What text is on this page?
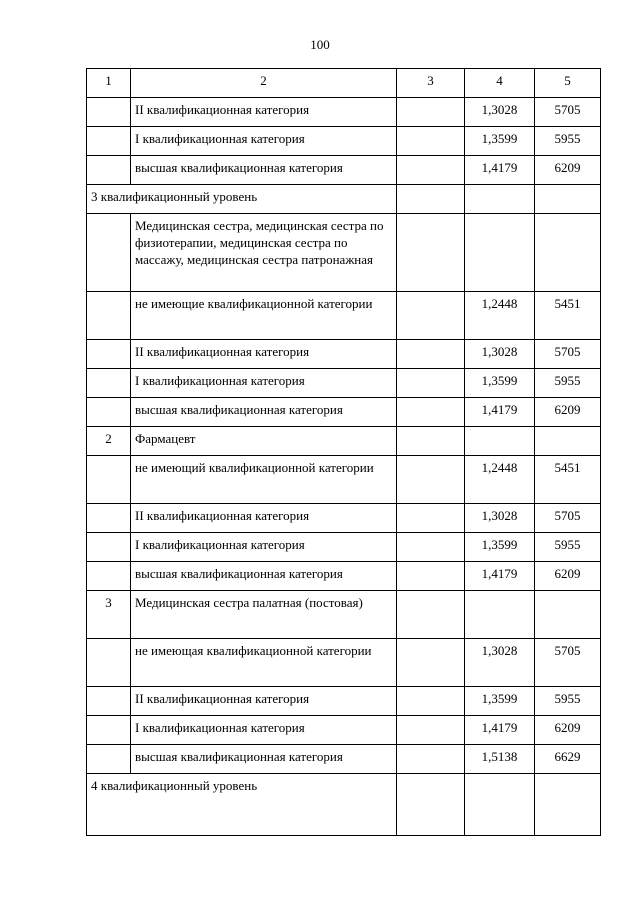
100
1	2	3	4	5
	II квалификационная категория		1,3028	5705
	I квалификационная категория		1,3599	5955
	высшая квалификационная категория		1,4179	6209
3 квалификационный уровень				
	Медицинская сестра, медицинская сестра по физиотерапии, медицинская сестра по массажу, медицинская сестра патронажная			
	не имеющие квалификационной категории		1,2448	5451
	II квалификационная категория		1,3028	5705
	I квалификационная категория		1,3599	5955
	высшая квалификационная категория		1,4179	6209
2	Фармацевт			
	не имеющий квалификационной категории		1,2448	5451
	II квалификационная категория		1,3028	5705
	I квалификационная категория		1,3599	5955
	высшая квалификационная категория		1,4179	6209
3	Медицинская сестра палатная (постовая)			
	не имеющая квалификационной категории		1,3028	5705
	II квалификационная категория		1,3599	5955
	I квалификационная категория		1,4179	6209
	высшая квалификационная категория		1,5138	6629
4 квалификационный уровень				
